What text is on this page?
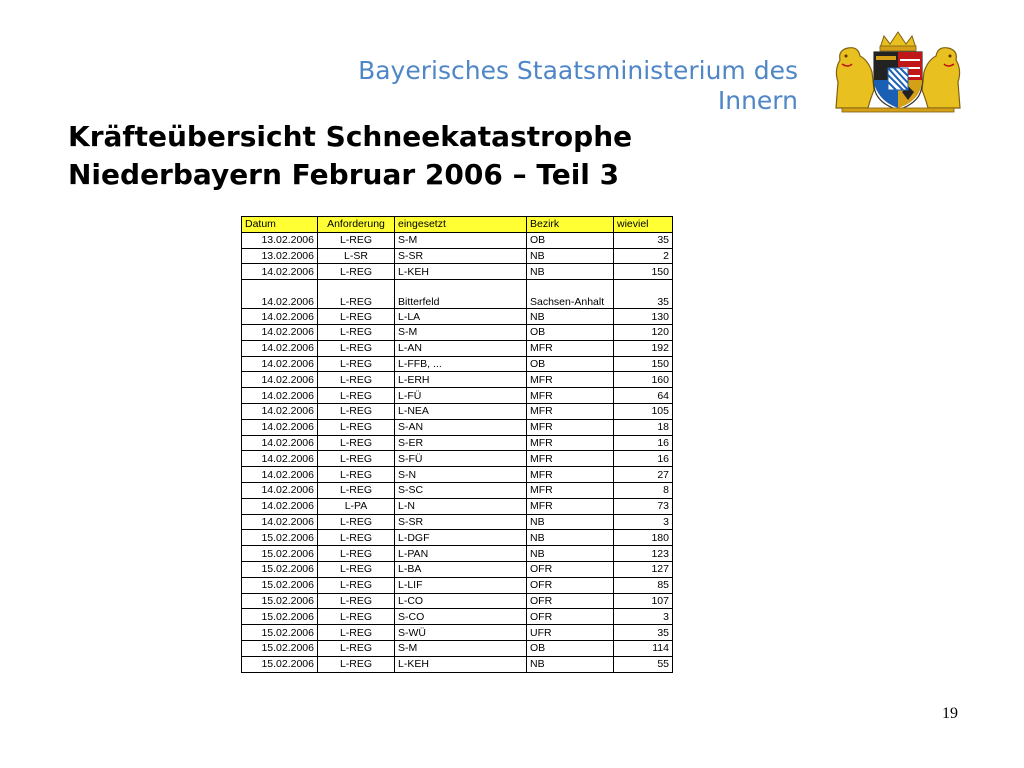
Bayerisches Staatsministerium des
Innern
Kräfteübersicht Schneekatastrophe
Niederbayern Februar 2006 – Teil 3
Datum	Anforderung	eingesetzt	Bezirk	wieviel
13.02.2006	L-REG	S-M	OB	35
13.02.2006	L-SR	S-SR	NB	2
14.02.2006	L-REG	L-KEH	NB	150
14.02.2006	L-REG	Bitterfeld	Sachsen-Anhalt	35
14.02.2006	L-REG	L-LA	NB	130
14.02.2006	L-REG	S-M	OB	120
14.02.2006	L-REG	L-AN	MFR	192
14.02.2006	L-REG	L-FFB, ...	OB	150
14.02.2006	L-REG	L-ERH	MFR	160
14.02.2006	L-REG	L-FÜ	MFR	64
14.02.2006	L-REG	L-NEA	MFR	105
14.02.2006	L-REG	S-AN	MFR	18
14.02.2006	L-REG	S-ER	MFR	16
14.02.2006	L-REG	S-FÜ	MFR	16
14.02.2006	L-REG	S-N	MFR	27
14.02.2006	L-REG	S-SC	MFR	8
14.02.2006	L-PA	L-N	MFR	73
14.02.2006	L-REG	S-SR	NB	3
15.02.2006	L-REG	L-DGF	NB	180
15.02.2006	L-REG	L-PAN	NB	123
15.02.2006	L-REG	L-BA	OFR	127
15.02.2006	L-REG	L-LIF	OFR	85
15.02.2006	L-REG	L-CO	OFR	107
15.02.2006	L-REG	S-CO	OFR	3
15.02.2006	L-REG	S-WÜ	UFR	35
15.02.2006	L-REG	S-M	OB	114
15.02.2006	L-REG	L-KEH	NB	55
19
